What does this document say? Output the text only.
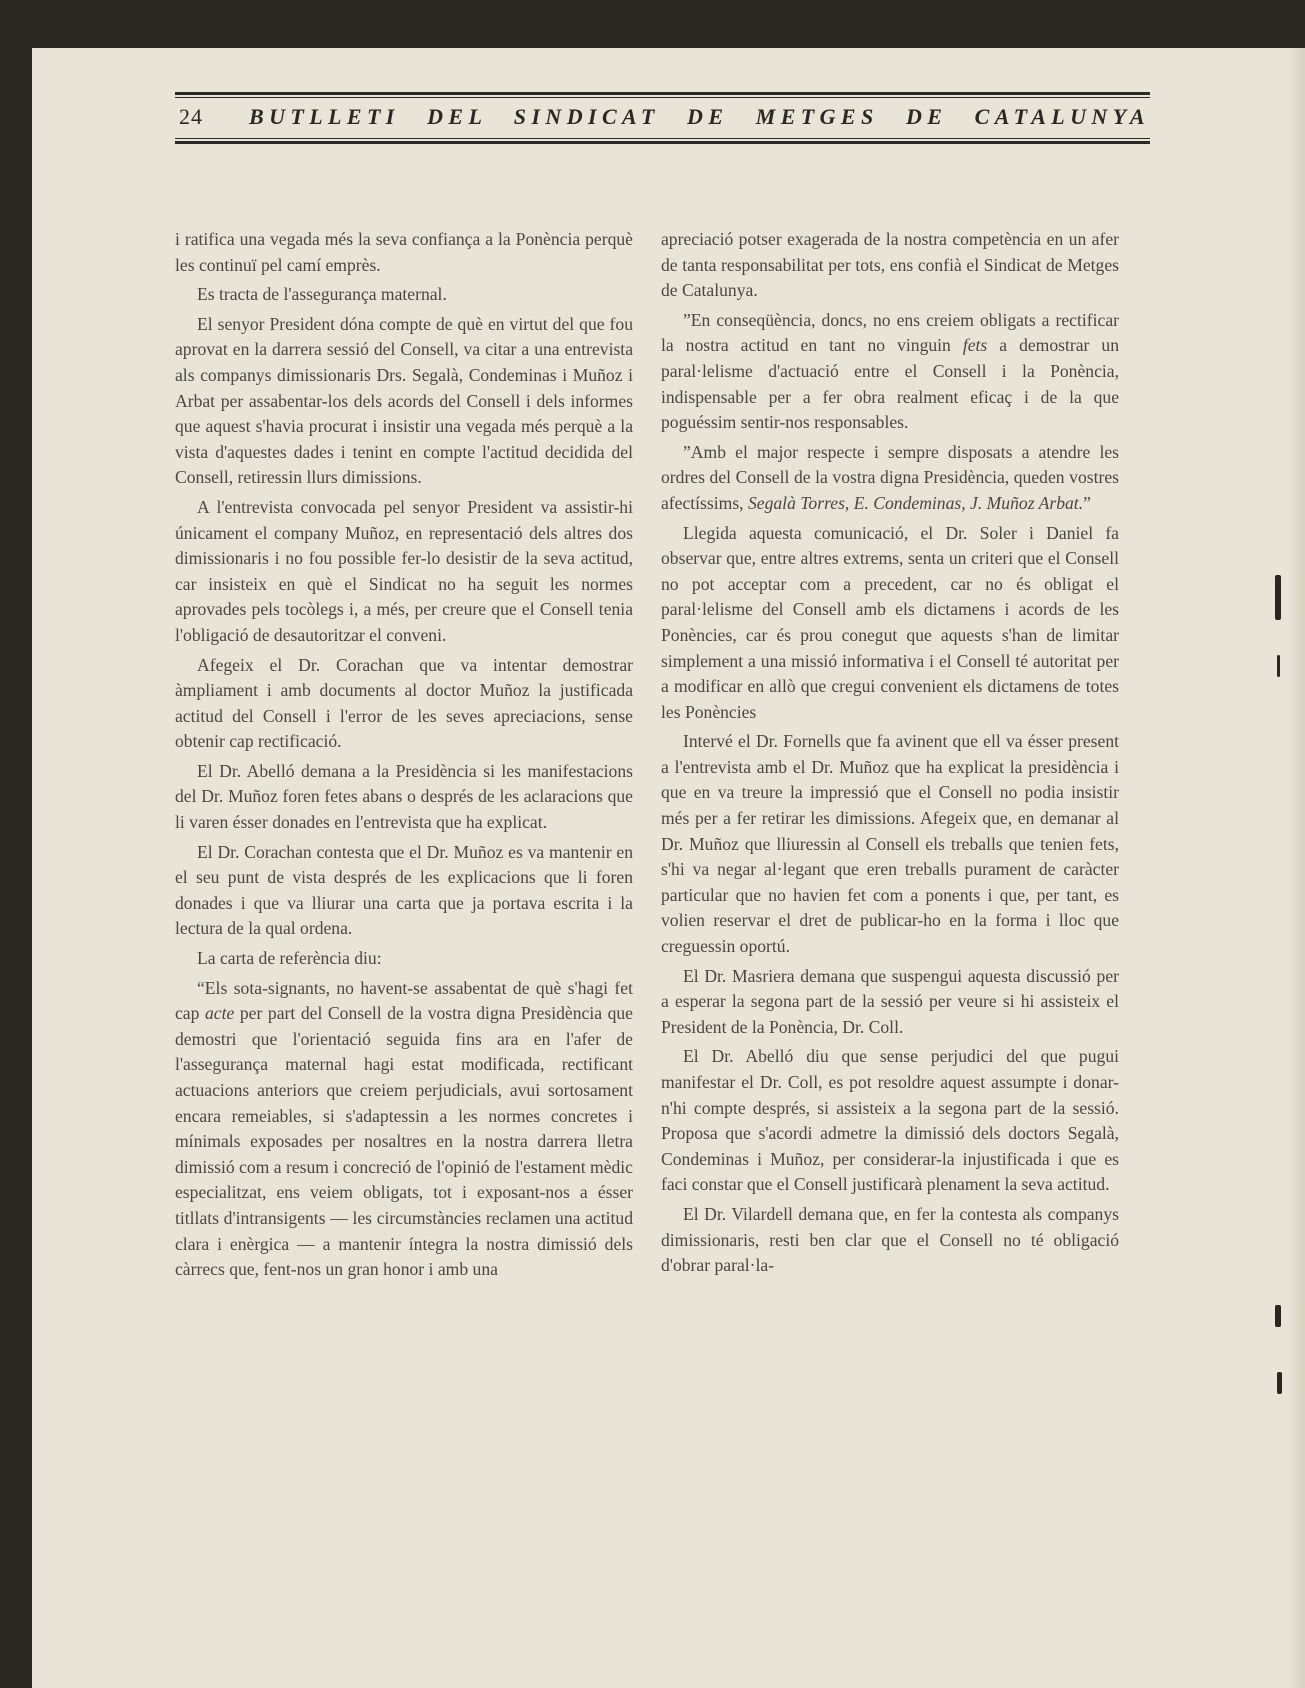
24	BUTLLETI DEL SINDICAT DE METGES DE CATALUNYA

i ratifica una vegada més la seva confiança a la Ponència perquè les continuï pel camí emprès.

Es tracta de l'assegurança maternal.

El senyor President dóna compte de què en virtut del que fou aprovat en la darrera sessió del Consell, va citar a una entrevista als companys dimissionaris Drs. Segalà, Condeminas i Muñoz i Arbat per assabentar-los dels acords del Consell i dels informes que aquest s'havia procurat i insistir una vegada més perquè a la vista d'aquestes dades i tenint en compte l'actitud decidida del Consell, retiressin llurs dimissions.

A l'entrevista convocada pel senyor President va assistir-hi únicament el company Muñoz, en representació dels altres dos dimissionaris i no fou possible fer-lo desistir de la seva actitud, car insisteix en què el Sindicat no ha seguit les normes aprovades pels tocòlegs i, a més, per creure que el Consell tenia l'obligació de desautoritzar el conveni.

Afegeix el Dr. Corachan que va intentar demostrar àmpliament i amb documents al doctor Muñoz la justificada actitud del Consell i l'error de les seves apreciacions, sense obtenir cap rectificació.

El Dr. Abelló demana a la Presidència si les manifestacions del Dr. Muñoz foren fetes abans o després de les aclaracions que li varen ésser donades en l'entrevista que ha explicat.

El Dr. Corachan contesta que el Dr. Muñoz es va mantenir en el seu punt de vista després de les explicacions que li foren donades i que va lliurar una carta que ja portava escrita i la lectura de la qual ordena.

La carta de referència diu:

“Els sota-signants, no havent-se assabentat de què s'hagi fet cap acte per part del Consell de la vostra digna Presidència que demostri que l'orientació seguida fins ara en l'afer de l'assegurança maternal hagi estat modificada, rectificant actuacions anteriors que creiem perjudicials, avui sortosament encara remeiables, si s'adaptessin a les normes concretes i mínimals exposades per nosaltres en la nostra darrera lletra dimissió com a resum i concreció de l'opinió de l'estament mèdic especialitzat, ens veiem obligats, tot i exposant-nos a ésser titllats d'intransigents — les circumstàncies reclamen una actitud clara i enèrgica — a mantenir íntegra la nostra dimissió dels càrrecs que, fent-nos un gran honor i amb una

apreciació potser exagerada de la nostra competència en un afer de tanta responsabilitat per tots, ens confià el Sindicat de Metges de Catalunya.

”En conseqüència, doncs, no ens creiem obligats a rectificar la nostra actitud en tant no vinguin fets a demostrar un paral·lelisme d'actuació entre el Consell i la Ponència, indispensable per a fer obra realment eficaç i de la que poguéssim sentir-nos responsables.

”Amb el major respecte i sempre disposats a atendre les ordres del Consell de la vostra digna Presidència, queden vostres afectíssims, Segalà Torres, E. Condeminas, J. Muñoz Arbat.”

Llegida aquesta comunicació, el Dr. Soler i Daniel fa observar que, entre altres extrems, senta un criteri que el Consell no pot acceptar com a precedent, car no és obligat el paral·lelisme del Consell amb els dictamens i acords de les Ponències, car és prou conegut que aquests s'han de limitar simplement a una missió informativa i el Consell té autoritat per a modificar en allò que cregui convenient els dictamens de totes les Ponències

Intervé el Dr. Fornells que fa avinent que ell va ésser present a l'entrevista amb el Dr. Muñoz que ha explicat la presidència i que en va treure la impressió que el Consell no podia insistir més per a fer retirar les dimissions. Afegeix que, en demanar al Dr. Muñoz que lliuressin al Consell els treballs que tenien fets, s'hi va negar al·legant que eren treballs purament de caràcter particular que no havien fet com a ponents i que, per tant, es volien reservar el dret de publicar-ho en la forma i lloc que creguessin oportú.

El Dr. Masriera demana que suspengui aquesta discussió per a esperar la segona part de la sessió per veure si hi assisteix el President de la Ponència, Dr. Coll.

El Dr. Abelló diu que sense perjudici del que pugui manifestar el Dr. Coll, es pot resoldre aquest assumpte i donar-n'hi compte després, si assisteix a la segona part de la sessió. Proposa que s'acordi admetre la dimissió dels doctors Segalà, Condeminas i Muñoz, per considerar-la injustificada i que es faci constar que el Consell justificarà plenament la seva actitud.

El Dr. Vilardell demana que, en fer la contesta als companys dimissionaris, resti ben clar que el Consell no té obligació d'obrar paral·la-
